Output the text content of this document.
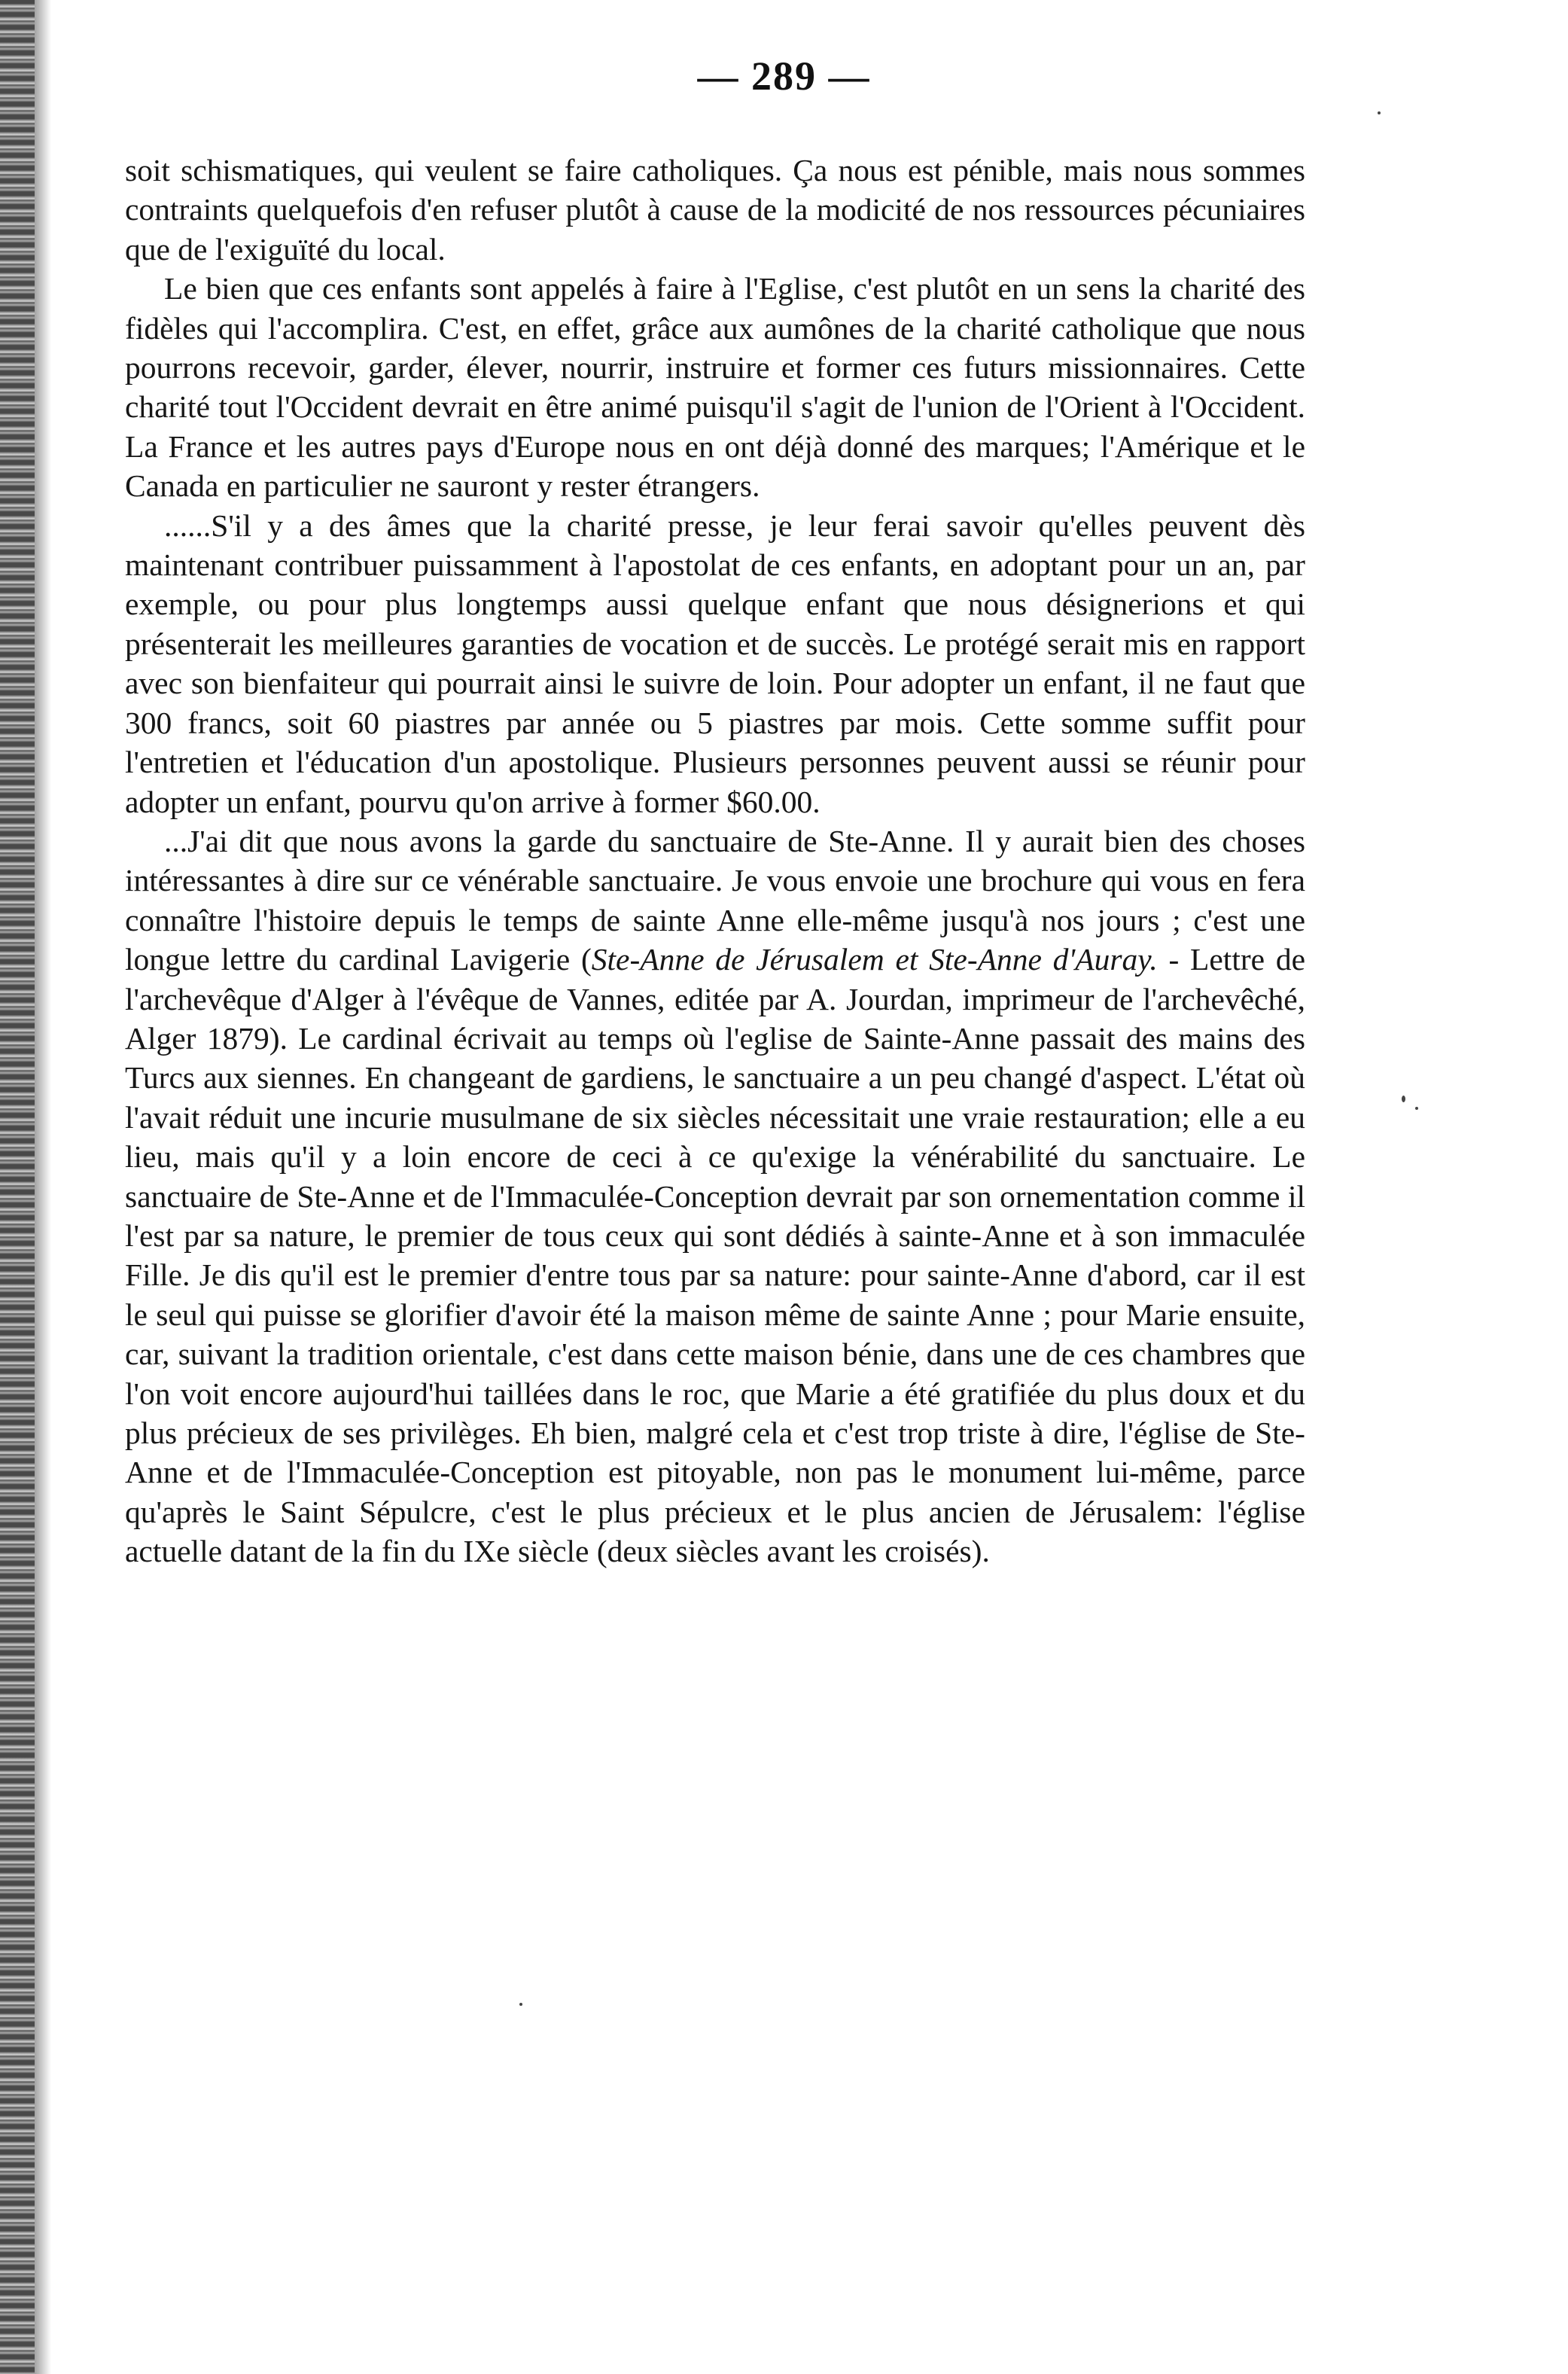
— 289 —

soit schismatiques, qui veulent se faire catholiques. Ça nous est pénible, mais nous sommes contraints quelquefois d'en refuser plutôt à cause de la modicité de nos ressources pécuniaires que de l'exiguïté du local.

Le bien que ces enfants sont appelés à faire à l'Eglise, c'est plutôt en un sens la charité des fidèles qui l'accomplira. C'est, en effet, grâce aux aumônes de la charité catholique que nous pourrons recevoir, garder, élever, nourrir, instruire et former ces futurs missionnaires. Cette charité tout l'Occident devrait en être animé puisqu'il s'agit de l'union de l'Orient à l'Occident. La France et les autres pays d'Europe nous en ont déjà donné des marques; l'Amérique et le Canada en particulier ne sauront y rester étrangers.

......S'il y a des âmes que la charité presse, je leur ferai savoir qu'elles peuvent dès maintenant contribuer puissamment à l'apostolat de ces enfants, en adoptant pour un an, par exemple, ou pour plus longtemps aussi quelque enfant que nous désignerions et qui présenterait les meilleures garanties de vocation et de succès. Le protégé serait mis en rapport avec son bienfaiteur qui pourrait ainsi le suivre de loin. Pour adopter un enfant, il ne faut que 300 francs, soit 60 piastres par année ou 5 piastres par mois. Cette somme suffit pour l'entretien et l'éducation d'un apostolique. Plusieurs personnes peuvent aussi se réunir pour adopter un enfant, pourvu qu'on arrive à former $60.00.

...J'ai dit que nous avons la garde du sanctuaire de Ste-Anne. Il y aurait bien des choses intéressantes à dire sur ce vénérable sanctuaire. Je vous envoie une brochure qui vous en fera connaître l'histoire depuis le temps de sainte Anne elle-même jusqu'à nos jours ; c'est une longue lettre du cardinal Lavigerie (Ste-Anne de Jérusalem et Ste-Anne d'Auray. - Lettre de l'archevêque d'Alger à l'évêque de Vannes, editée par A. Jourdan, imprimeur de l'archevêché, Alger 1879). Le cardinal écrivait au temps où l'eglise de Sainte-Anne passait des mains des Turcs aux siennes. En changeant de gardiens, le sanctuaire a un peu changé d'aspect. L'état où l'avait réduit une incurie musulmane de six siècles nécessitait une vraie restauration; elle a eu lieu, mais qu'il y a loin encore de ceci à ce qu'exige la vénérabilité du sanctuaire. Le sanctuaire de Ste-Anne et de l'Immaculée-Conception devrait par son ornementation comme il l'est par sa nature, le premier de tous ceux qui sont dédiés à sainte-Anne et à son immaculée Fille. Je dis qu'il est le premier d'entre tous par sa nature: pour sainte-Anne d'abord, car il est le seul qui puisse se glorifier d'avoir été la maison même de sainte Anne ; pour Marie ensuite, car, suivant la tradition orientale, c'est dans cette maison bénie, dans une de ces chambres que l'on voit encore aujourd'hui taillées dans le roc, que Marie a été gratifiée du plus doux et du plus précieux de ses privilèges. Eh bien, malgré cela et c'est trop triste à dire, l'église de Ste-Anne et de l'Immaculée-Conception est pitoyable, non pas le monument lui-même, parce qu'après le Saint Sépulcre, c'est le plus précieux et le plus ancien de Jérusalem: l'église actuelle datant de la fin du IXe siècle (deux siècles avant les croisés).
